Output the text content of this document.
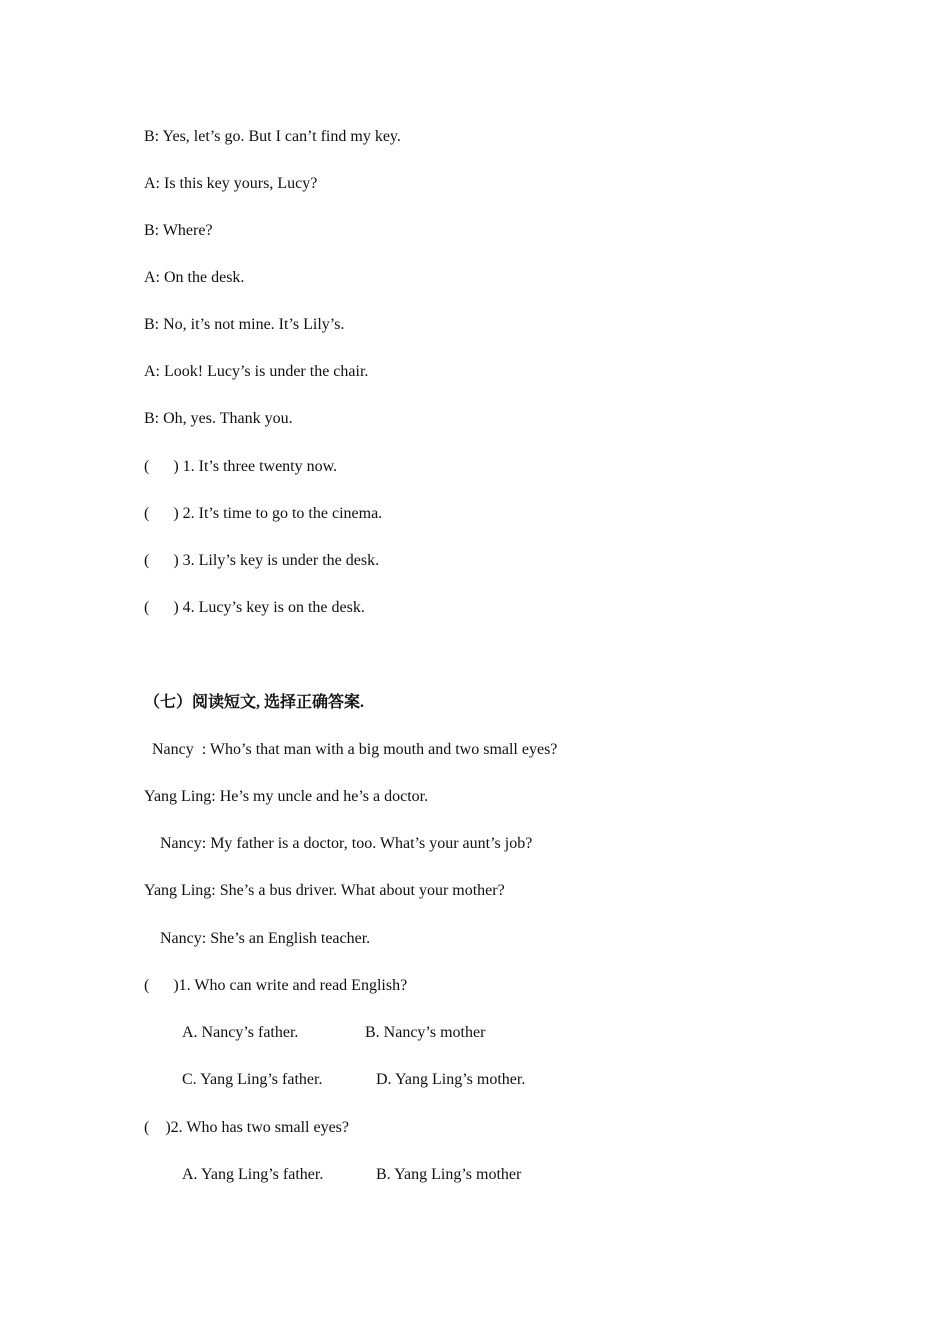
B: Yes, let’s go. But I can’t find my key.
A: Is this key yours, Lucy?
B: Where?
A: On the desk.
B: No, it’s not mine. It’s Lily’s.
A: Look! Lucy’s is under the chair.
B: Oh, yes. Thank you.
(      ) 1. It’s three twenty now.
(      ) 2. It’s time to go to the cinema.
(      ) 3. Lily’s key is under the desk.
(      ) 4. Lucy’s key is on the desk.
（七）阅读短文, 选择正确答案.
Nancy  : Who’s that man with a big mouth and two small eyes?
Yang Ling: He’s my uncle and he’s a doctor.
Nancy: My father is a doctor, too. What’s your aunt’s job?
Yang Ling: She’s a bus driver. What about your mother?
Nancy: She’s an English teacher.
(      )1. Who can write and read English?
A. Nancy’s father.	B. Nancy’s mother
C. Yang Ling’s father.	D. Yang Ling’s mother.
(    )2. Who has two small eyes?
A. Yang Ling’s father.	B. Yang Ling’s mother
